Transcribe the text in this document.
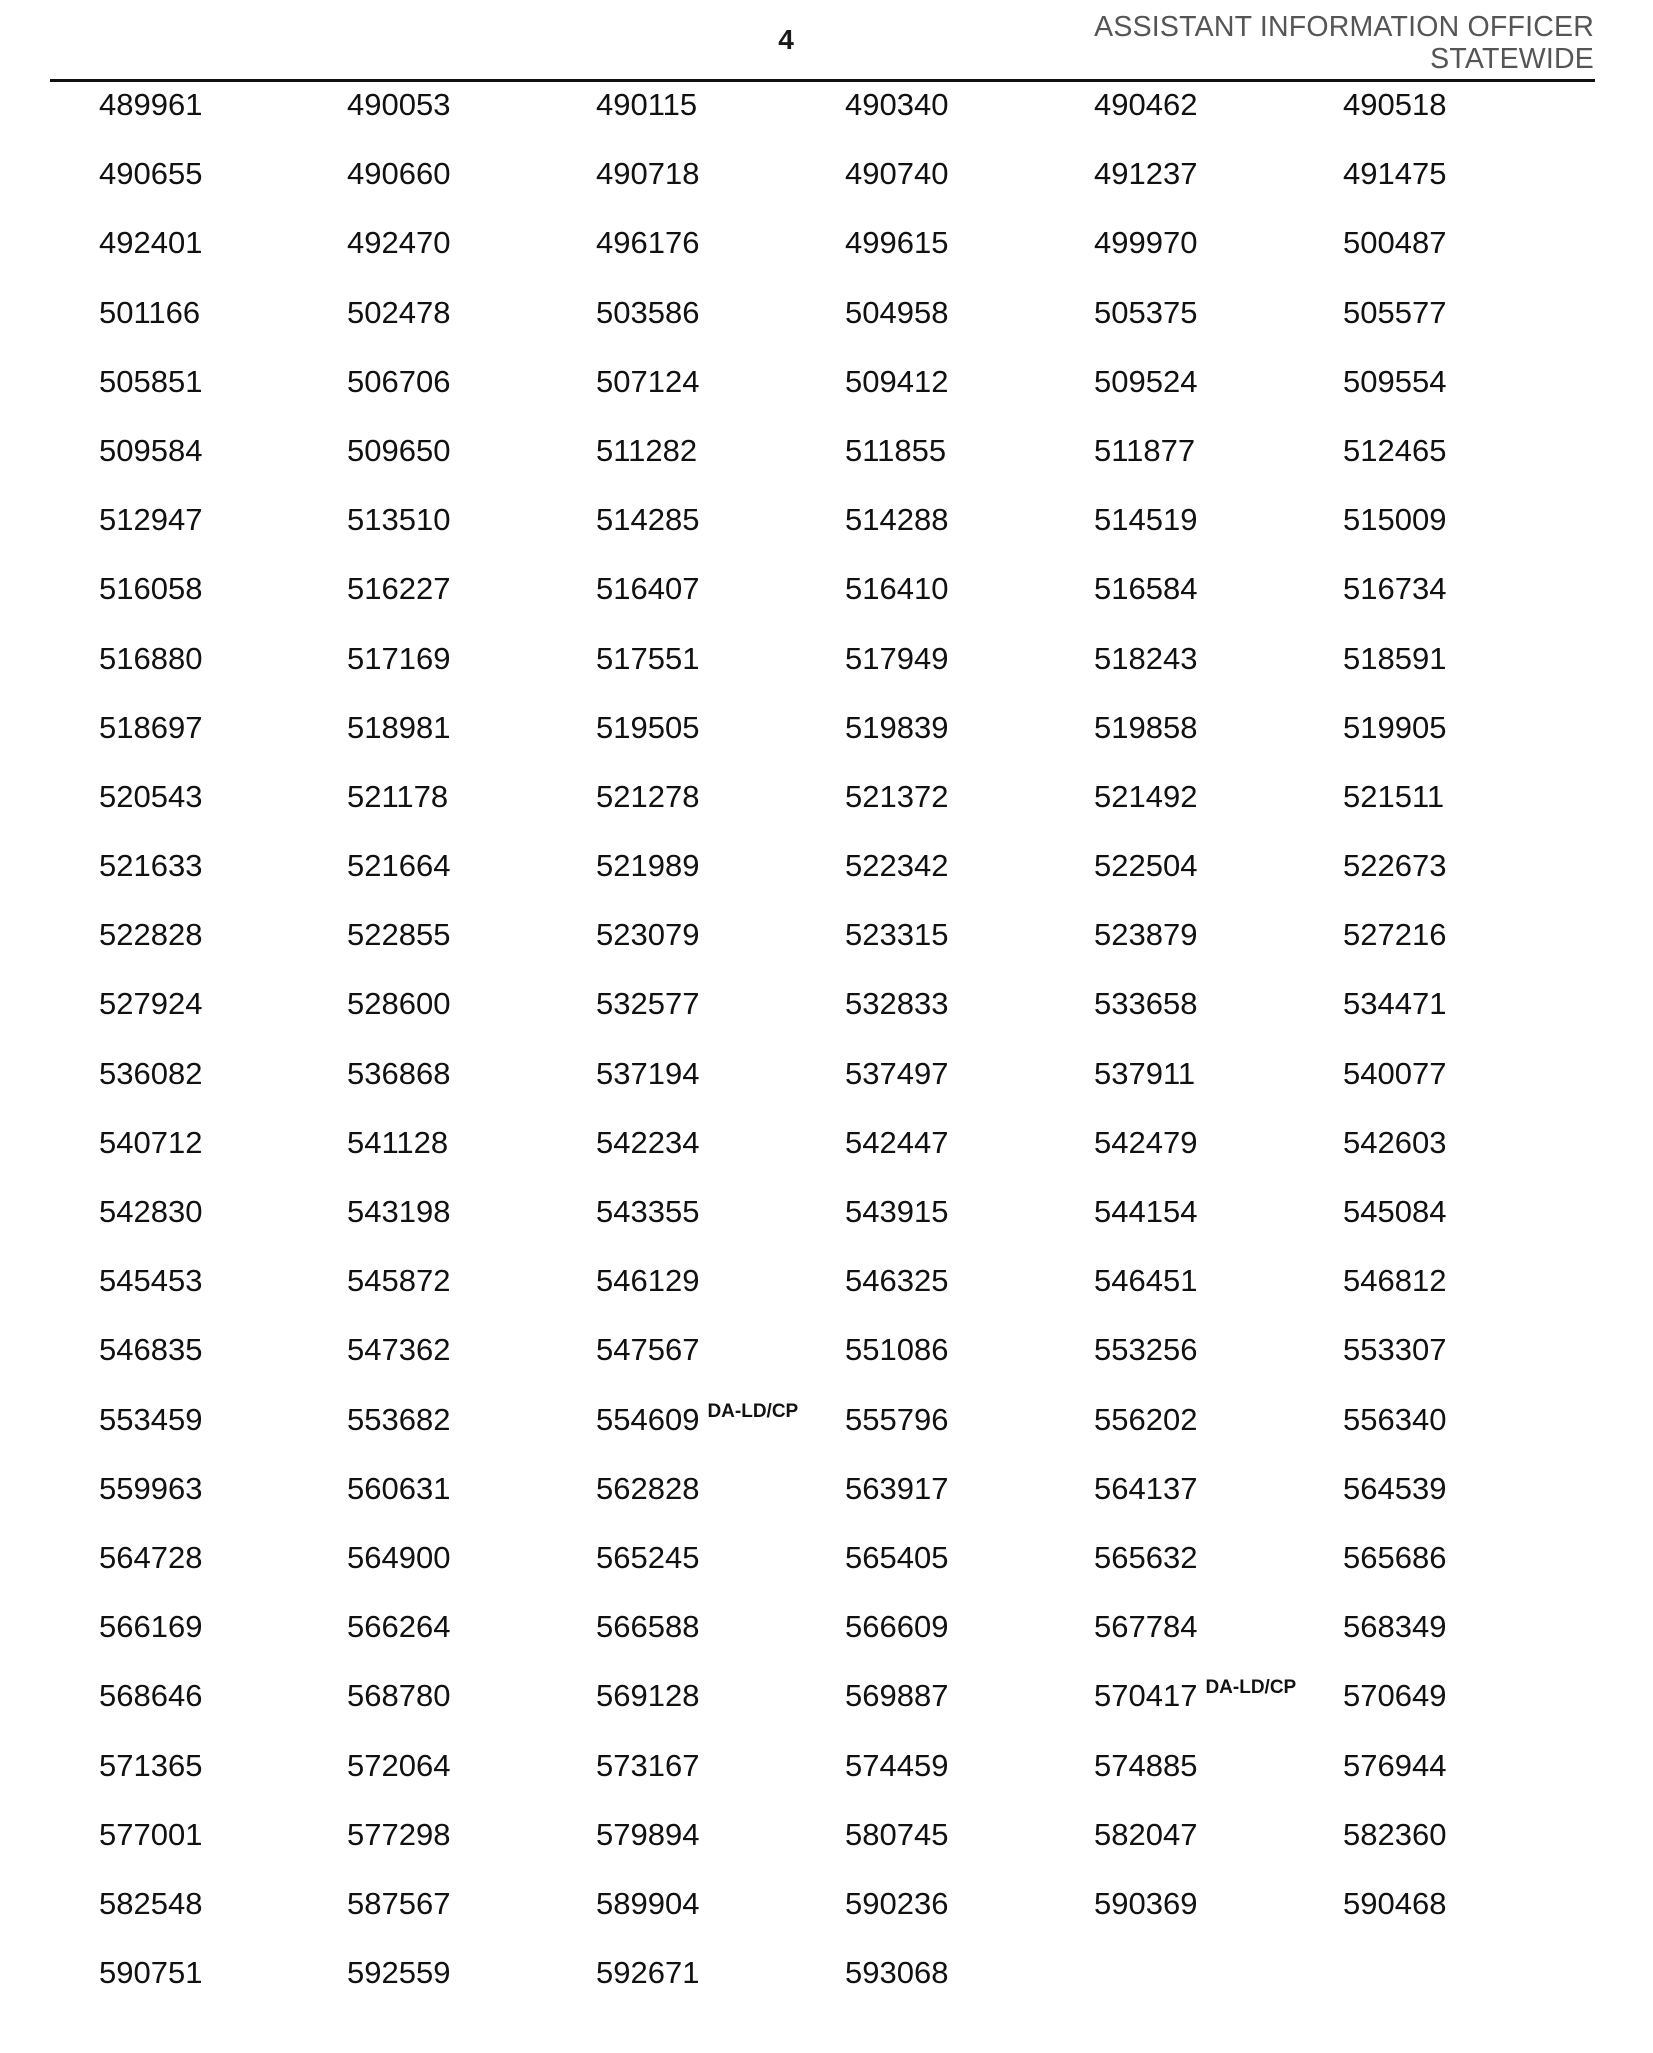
4	ASSISTANT INFORMATION OFFICER
STATEWIDE
489961	490053	490115	490340	490462	490518
490655	490660	490718	490740	491237	491475
492401	492470	496176	499615	499970	500487
501166	502478	503586	504958	505375	505577
505851	506706	507124	509412	509524	509554
509584	509650	511282	511855	511877	512465
512947	513510	514285	514288	514519	515009
516058	516227	516407	516410	516584	516734
516880	517169	517551	517949	518243	518591
518697	518981	519505	519839	519858	519905
520543	521178	521278	521372	521492	521511
521633	521664	521989	522342	522504	522673
522828	522855	523079	523315	523879	527216
527924	528600	532577	532833	533658	534471
536082	536868	537194	537497	537911	540077
540712	541128	542234	542447	542479	542603
542830	543198	543355	543915	544154	545084
545453	545872	546129	546325	546451	546812
546835	547362	547567	551086	553256	553307
553459	553682	554609 DA-LD/CP 555796	556202	556340
559963	560631	562828	563917	564137	564539
564728	564900	565245	565405	565632	565686
566169	566264	566588	566609	567784	568349
568646	568780	569128	569887	570417 DA-LD/CP 570649
571365	572064	573167	574459	574885	576944
577001	577298	579894	580745	582047	582360
582548	587567	589904	590236	590369	590468
590751	592559	592671	593068
